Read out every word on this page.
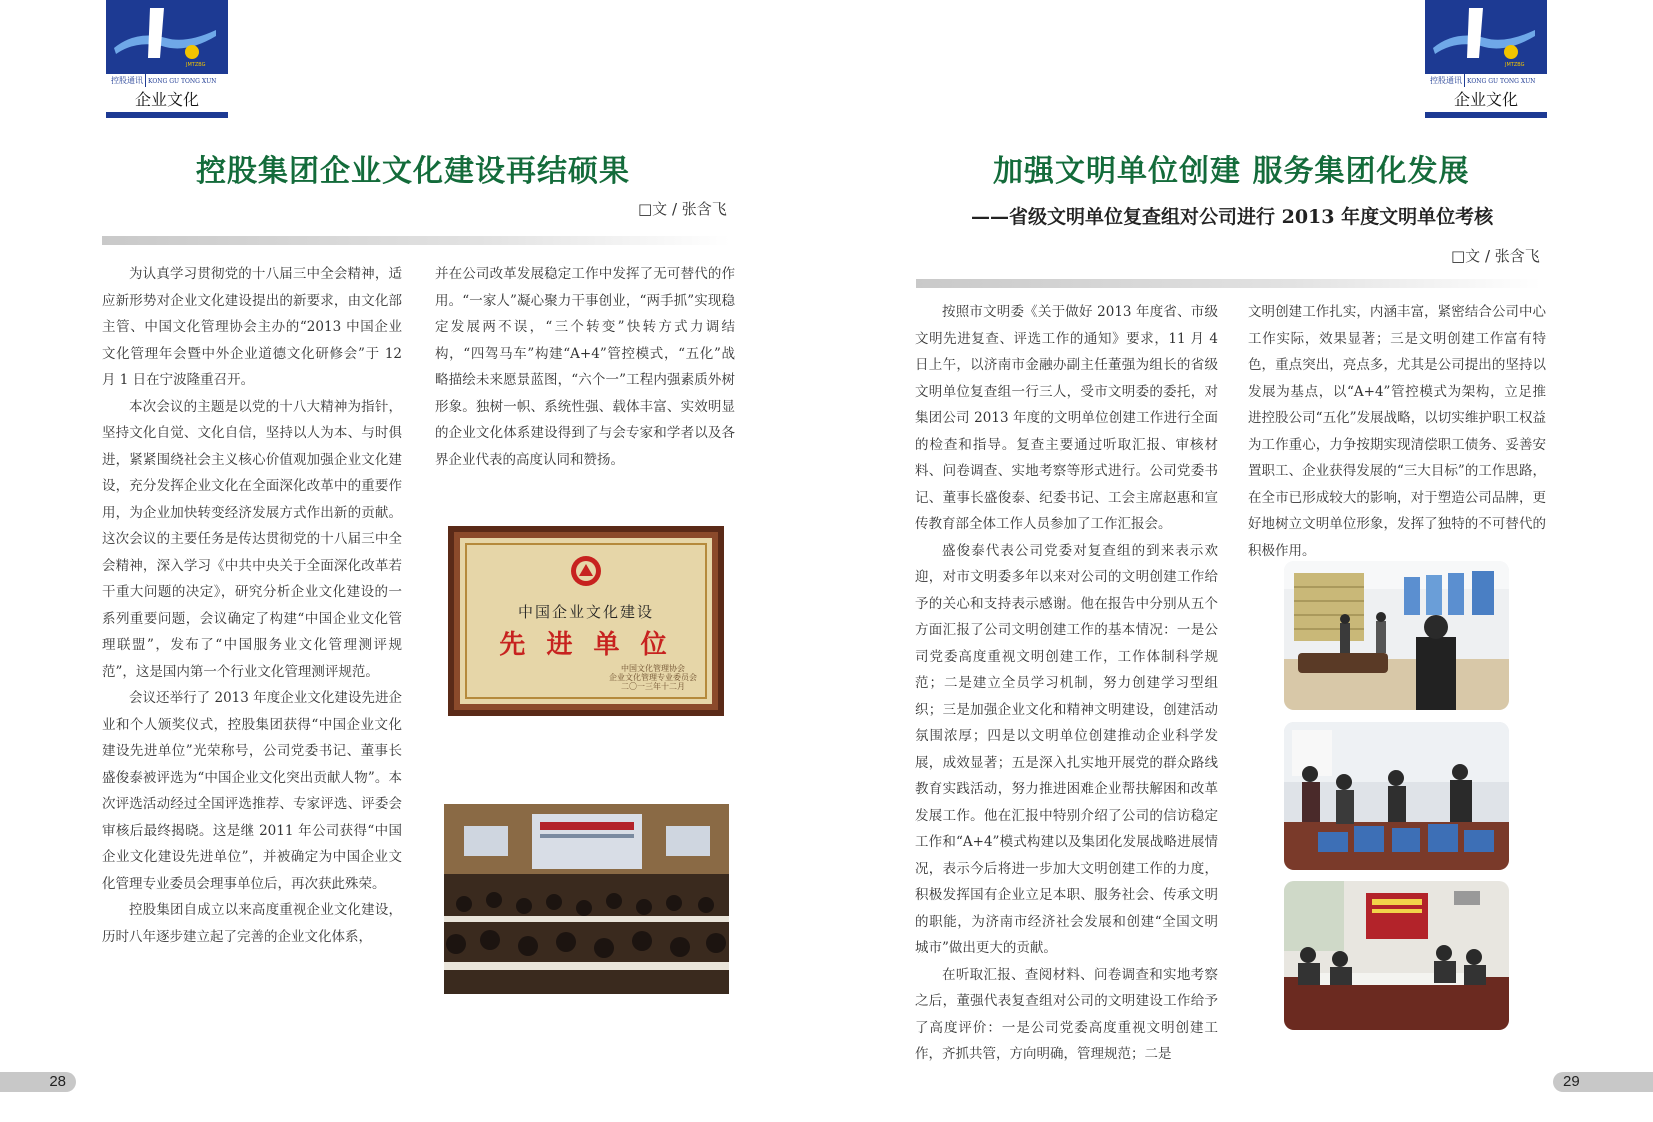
JMTZBG
控股通讯 KONG GU TONG XUN
企业文化
控股集团企业文化建设再结硕果
□文 / 张含飞

为认真学习贯彻党的十八届三中全会精神，适应新形势对企业文化建设提出的新要求，由文化部主管、中国文化管理协会主办的“2013 中国企业文化管理年会暨中外企业道德文化研修会”于 12 月 1 日在宁波隆重召开。

本次会议的主题是以党的十八大精神为指针，坚持文化自觉、文化自信，坚持以人为本、与时俱进，紧紧围绕社会主义核心价值观加强企业文化建设，充分发挥企业文化在全面深化改革中的重要作用，为企业加快转变经济发展方式作出新的贡献。这次会议的主要任务是传达贯彻党的十八届三中全会精神，深入学习《中共中央关于全面深化改革若干重大问题的决定》，研究分析企业文化建设的一系列重要问题，会议确定了构建“中国企业文化管理联盟”，发布了“中国服务业文化管理测评规范”，这是国内第一个行业文化管理测评规范。

会议还举行了 2013 年度企业文化建设先进企业和个人颁奖仪式，控股集团获得“中国企业文化建设先进单位”光荣称号，公司党委书记、董事长盛俊泰被评选为“中国企业文化突出贡献人物”。本次评选活动经过全国评选推荐、专家评选、评委会审核后最终揭晓。这是继 2011 年公司获得“中国企业文化建设先进单位”，并被确定为中国企业文化管理专业委员会理事单位后，再次获此殊荣。

控股集团自成立以来高度重视企业文化建设，历时八年逐步建立起了完善的企业文化体系，

并在公司改革发展稳定工作中发挥了无可替代的作用。“一家人”凝心聚力干事创业，“两手抓”实现稳定发展两不误，“三个转变”快转方式力调结构，“四驾马车”构建“A+4”管控模式，“五化”战略描绘未来愿景蓝图，“六个一”工程内强素质外树形象。独树一帜、系统性强、载体丰富、实效明显的企业文化体系建设得到了与会专家和学者以及各界企业代表的高度认同和赞扬。

中国企业文化建设
先 进 单 位
中国文化管理协会
企业文化管理专业委员会
二〇一三年十二月
28
JMTZBG
控股通讯 KONG GU TONG XUN
企业文化
加强文明单位创建 服务集团化发展
——省级文明单位复查组对公司进行 2013 年度文明单位考核
□文 / 张含飞

按照市文明委《关于做好 2013 年度省、市级文明先进复查、评选工作的通知》要求，11 月 4 日上午，以济南市金融办副主任董强为组长的省级文明单位复查组一行三人，受市文明委的委托，对集团公司 2013 年度的文明单位创建工作进行全面的检查和指导。复查主要通过听取汇报、审核材料、问卷调查、实地考察等形式进行。公司党委书记、董事长盛俊泰、纪委书记、工会主席赵惠和宣传教育部全体工作人员参加了工作汇报会。

盛俊泰代表公司党委对复查组的到来表示欢迎，对市文明委多年以来对公司的文明创建工作给予的关心和支持表示感谢。他在报告中分别从五个方面汇报了公司文明创建工作的基本情况：一是公司党委高度重视文明创建工作，工作体制科学规范；二是建立全员学习机制，努力创建学习型组织；三是加强企业文化和精神文明建设，创建活动氛围浓厚；四是以文明单位创建推动企业科学发展，成效显著；五是深入扎实地开展党的群众路线教育实践活动，努力推进困难企业帮扶解困和改革发展工作。他在汇报中特别介绍了公司的信访稳定工作和“A+4”模式构建以及集团化发展战略进展情况，表示今后将进一步加大文明创建工作的力度，积极发挥国有企业立足本职、服务社会、传承文明的职能，为济南市经济社会发展和创建“全国文明城市”做出更大的贡献。

在听取汇报、查阅材料、问卷调查和实地考察之后，董强代表复查组对公司的文明建设工作给予了高度评价：一是公司党委高度重视文明创建工作，齐抓共管，方向明确，管理规范；二是

文明创建工作扎实，内涵丰富，紧密结合公司中心工作实际，效果显著；三是文明创建工作富有特色，重点突出，亮点多，尤其是公司提出的坚持以发展为基点，以“A+4”管控模式为架构，立足推进控股公司“五化”发展战略，以切实维护职工权益为工作重心，力争按期实现清偿职工债务、妥善安置职工、企业获得发展的“三大目标”的工作思路，在全市已形成较大的影响，对于塑造公司品牌，更好地树立文明单位形象，发挥了独特的不可替代的积极作用。

29
